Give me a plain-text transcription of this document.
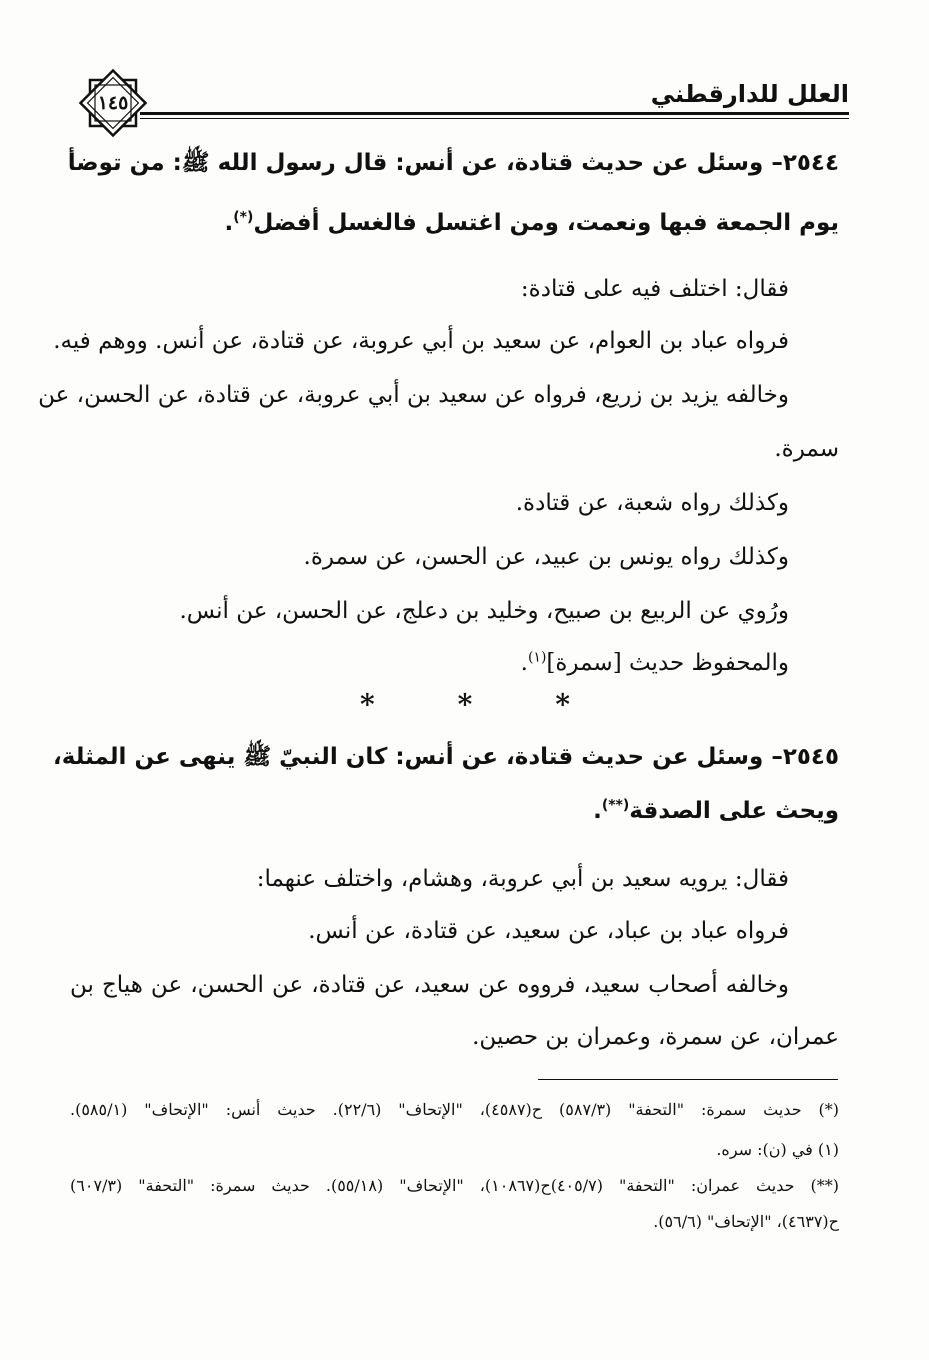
العلل للدارقطني
١٤٥
٢٥٤٤– وسئل عن حديث قتادة، عن أنس: قال رسول الله ﷺ: من توضأ
يوم الجمعة فبها ونعمت، ومن اغتسل فالغسل أفضل(*).
فقال: اختلف فيه على قتادة:
فرواه عباد بن العوام، عن سعيد بن أبي عروبة، عن قتادة، عن أنس. ووهم فيه.
وخالفه يزيد بن زريع، فرواه عن سعيد بن أبي عروبة، عن قتادة، عن الحسن، عن
سمرة.
وكذلك رواه شعبة، عن قتادة.
وكذلك رواه يونس بن عبيد، عن الحسن، عن سمرة.
ورُوي عن الربيع بن صبيح، وخليد بن دعلج، عن الحسن، عن أنس.
والمحفوظ حديث [سمرة]$^{(١)}$.
*	*	*
٢٥٤٥– وسئل عن حديث قتادة، عن أنس: كان النبيّ ﷺ ينهى عن المثلة،
ويحث على الصدقة(**).
فقال: يرويه سعيد بن أبي عروبة، وهشام، واختلف عنهما:
فرواه عباد بن عباد، عن سعيد، عن قتادة، عن أنس.
وخالفه أصحاب سعيد، فرووه عن سعيد، عن قتادة، عن الحسن، عن هياج بن
عمران، عن سمرة، وعمران بن حصين.
(*) حديث سمرة: "التحفة" (٥٨٧/٣) ح(٤٥٨٧)، "الإتحاف" (٢٢/٦). حديث أنس: "الإتحاف" (٥٨٥/١).
(١) في (ن): سره.
(**) حديث عمران: "التحفة" (٤٠٥/٧)ح(١٠٨٦٧)، "الإتحاف" (٥٥/١٨). حديث سمرة: "التحفة" (٦٠٧/٣)
ح(٤٦٣٧)، "الإتحاف" (٥٦/٦).
